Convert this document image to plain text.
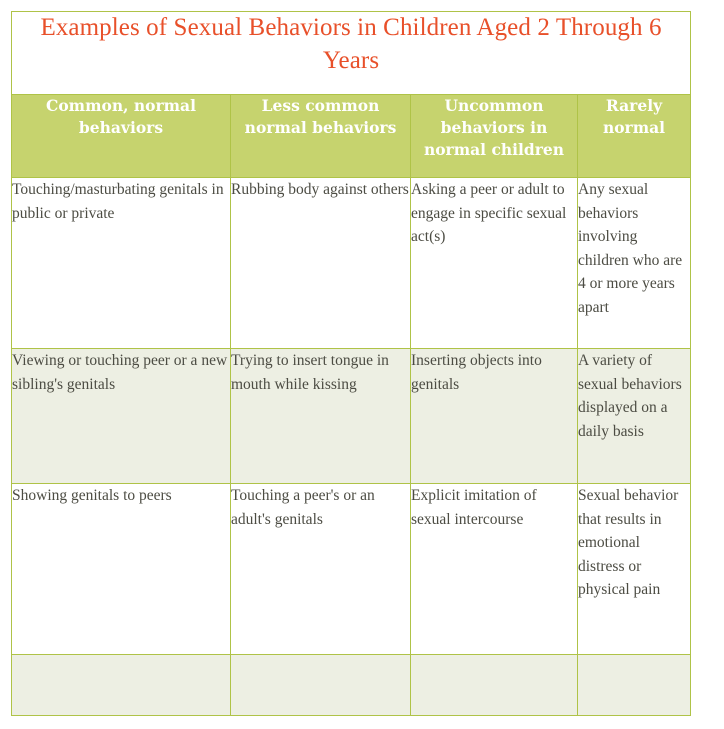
Examples of Sexual Behaviors in Children Aged 2 Through 6 Years			
Common, normal behaviors	Less common normal behaviors	Uncommon behaviors in normal children	Rarely normal
Touching/masturbating genitals in public or private	Rubbing body against others	Asking a peer or adult to engage in specific sexual act(s)	Any sexual behaviors involving children who are 4 or more years apart
Viewing or touching peer or a new sibling's genitals	Trying to insert tongue in mouth while kissing	Inserting objects into genitals	A variety of sexual behaviors displayed on a daily basis
Showing genitals to peers	Touching a peer's or an adult's genitals	Explicit imitation of sexual intercourse	Sexual behavior that results in emotional distress or physical pain
